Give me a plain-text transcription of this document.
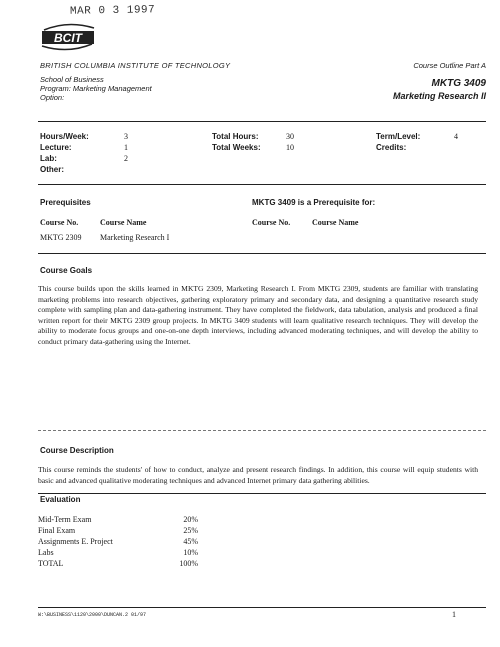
MAR 0 3 1997
BCIT
BRITISH COLUMBIA INSTITUTE OF TECHNOLOGY	Course Outline Part A
School of Business
Program: Marketing Management
Option:
MKTG 3409
Marketing Research II
Hours/Week:	3
Lecture:	1
Lab:	2
Other:
Total Hours:	30
Total Weeks:	10
Term/Level:	4
Credits:
Prerequisites	MKTG 3409 is a Prerequisite for:
Course No.	Course Name	Course No.	Course Name
MKTG 2309 Marketing Research I
Course Goals
This course builds upon the skills learned in MKTG 2309, Marketing Research I. From MKTG 2309, students are familiar with translating marketing problems into research objectives, gathering exploratory primary and secondary data, and designing a quantitative research study complete with sampling plan and data-gathering instrument. They have completed the fieldwork, data tabulation, analysis and produced a final written report for their MKTG 2309 group projects. In MKTG 3409 students will learn qualitative research techniques. They will develop the ability to moderate focus groups and one-on-one depth interviews, including advanced moderating techniques, and will develop the ability to conduct primary data-gathering using the Internet.
Course Description
This course reminds the students' of how to conduct, analyze and present research findings. In addition, this course will equip students with basic and advanced qualitative moderating techniques and advanced Internet primary data gathering abilities.
Evaluation
Mid-Term Exam	20%
Final Exam	25%
Assignments E. Project	45%
Labs	10%
TOTAL	100%
W:\BUSINESS\1120\2000\DUNCAN.2 01/97	1
